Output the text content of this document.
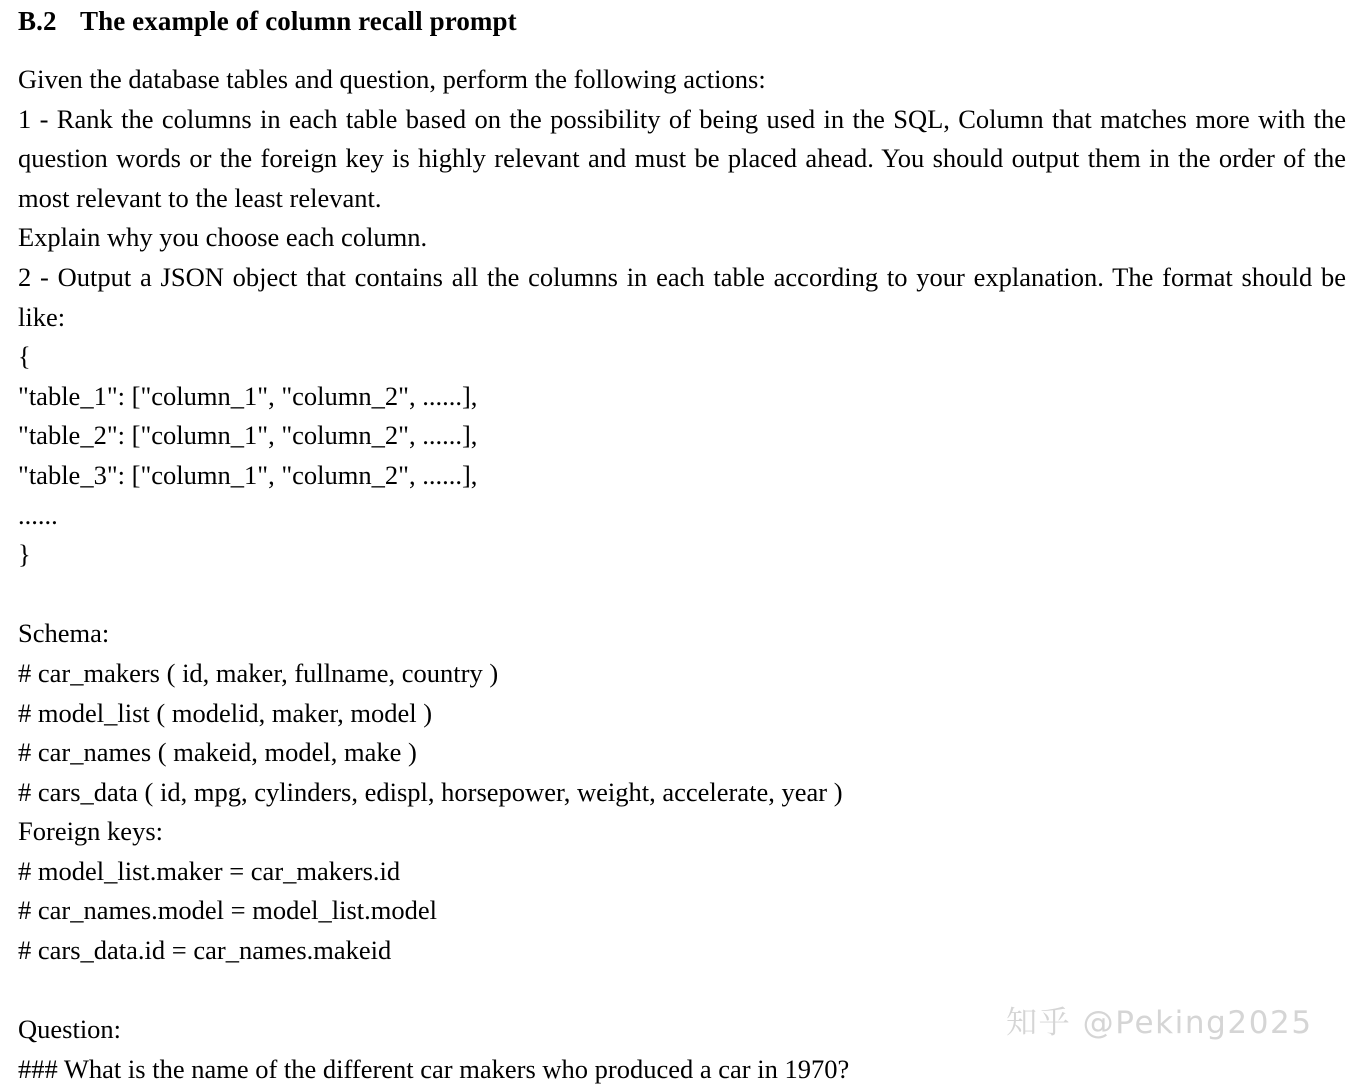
B.2 The example of column recall prompt
Given the database tables and question, perform the following actions:
1 - Rank the columns in each table based on the possibility of being used in the SQL, Column that matches more with the question words or the foreign key is highly relevant and must be placed ahead. You should output them in the order of the most relevant to the least relevant.
Explain why you choose each column.
2 - Output a JSON object that contains all the columns in each table according to your explanation. The format should be like:
{
"table_1": ["column_1", "column_2", ......],
"table_2": ["column_1", "column_2", ......],
"table_3": ["column_1", "column_2", ......],
......
}
Schema:
# car_makers ( id, maker, fullname, country )
# model_list ( modelid, maker, model )
# car_names ( makeid, model, make )
# cars_data ( id, mpg, cylinders, edispl, horsepower, weight, accelerate, year )
Foreign keys:
# model_list.maker = car_makers.id
# car_names.model = model_list.model
# cars_data.id = car_names.makeid
Question:
### What is the name of the different car makers who produced a car in 1970?
知乎 @Peking2025
